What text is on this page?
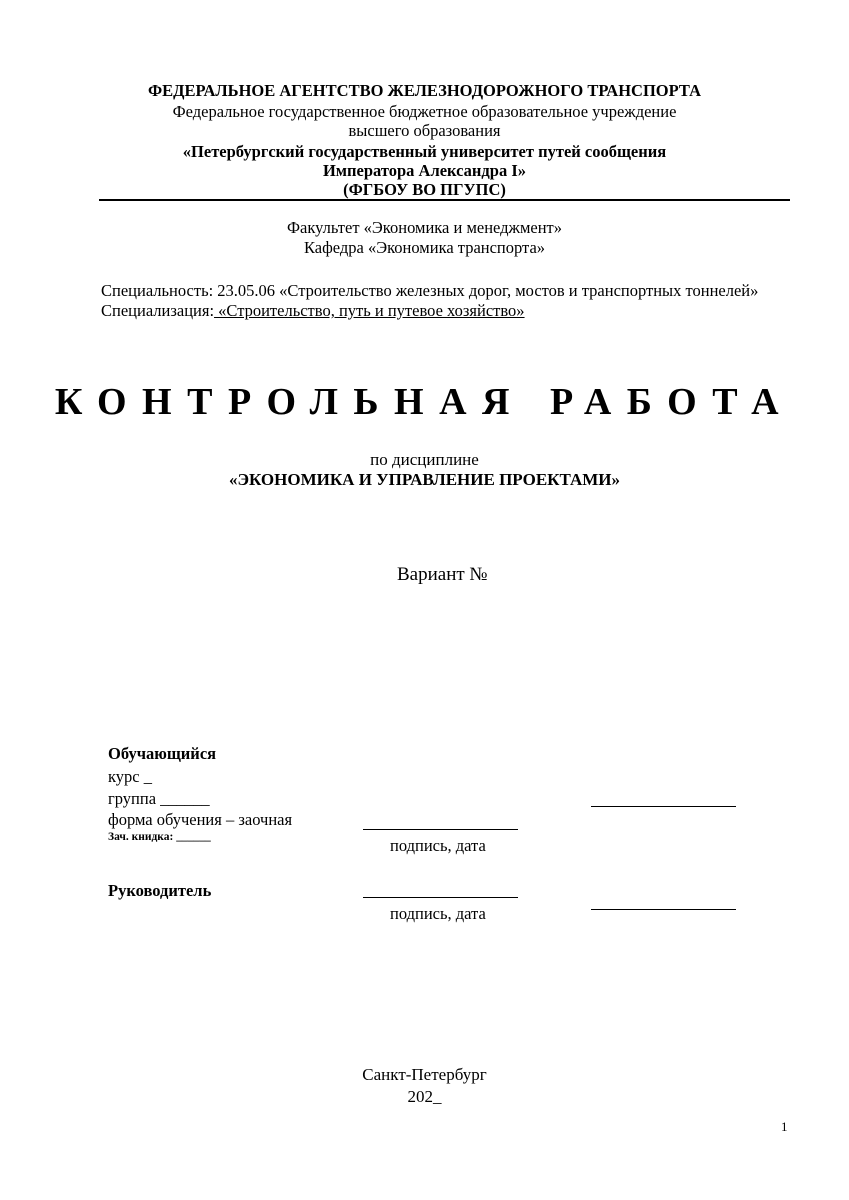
ФЕДЕРАЛЬНОЕ АГЕНТСТВО ЖЕЛЕЗНОДОРОЖНОГО ТРАНСПОРТА
Федеральное государственное бюджетное образовательное учреждение
высшего образования
«Петербургский государственный университет путей сообщения
Императора Александра I»
(ФГБОУ ВО ПГУПС)
Факультет «Экономика и менеджмент»
Кафедра «Экономика транспорта»
Специальность: 23.05.06 «Строительство железных дорог, мостов и транспортных тоннелей»
Специализация: «Строительство, путь и путевое хозяйство»
КОНТРОЛЬНАЯ РАБОТА
по дисциплине
«ЭКОНОМИКА И УПРАВЛЕНИЕ ПРОЕКТАМИ»
Вариант №
Обучающийся
курс _
группа ______
форма обучения – заочная
Зач. книдка: ______	подпись, дата
Руководитель
подпись, дата
Санкт-Петербург
202_
1
